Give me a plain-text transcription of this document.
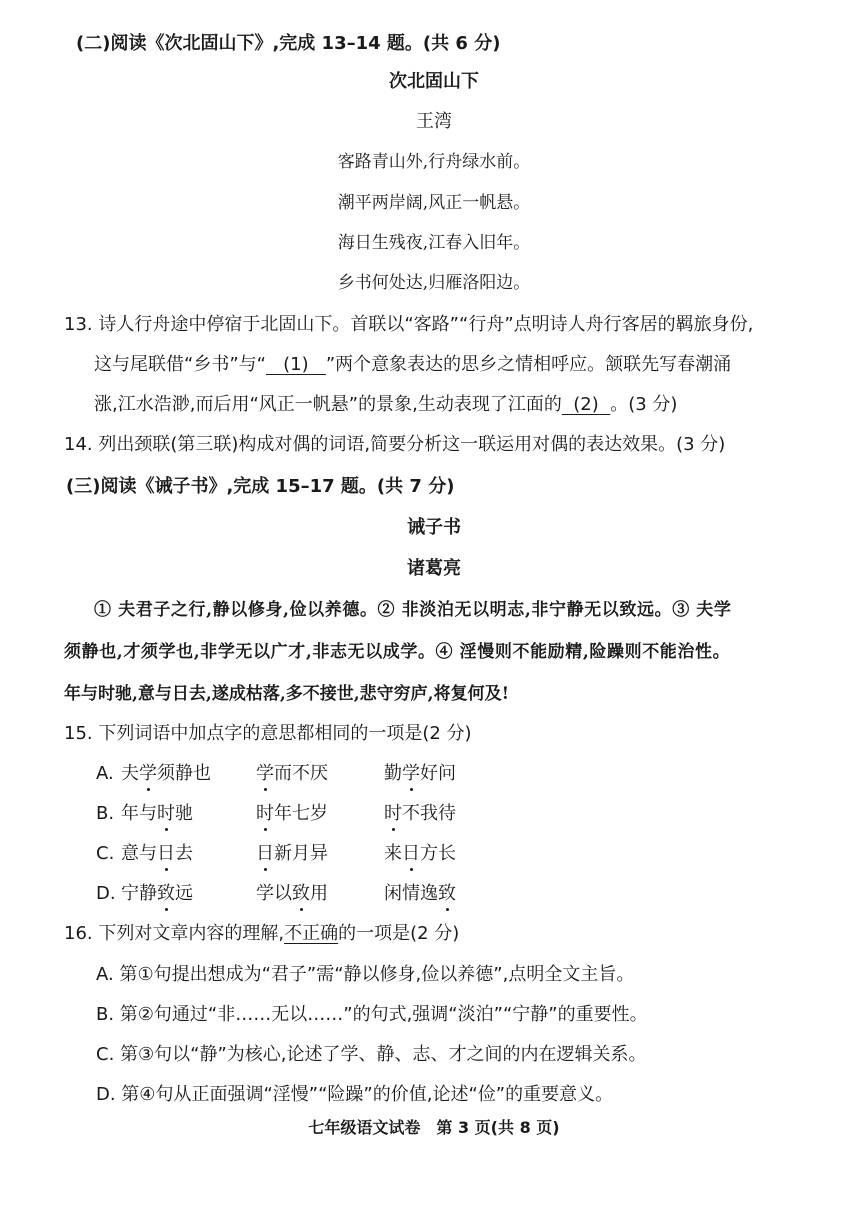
(二)阅读《次北固山下》,完成 13–14 题。(共 6 分)
次北固山下
王湾
客路青山外,行舟绿水前。
潮平两岸阔,风正一帆悬。
海日生残夜,江春入旧年。
乡书何处达,归雁洛阳边。
13. 诗人行舟途中停宿于北固山下。首联以“客路”“行舟”点明诗人舟行客居的羁旅身份,
这与尾联借“乡书”与“ (1) ”两个意象表达的思乡之情相呼应。颔联先写春潮涌
涨,江水浩渺,而后用“风正一帆悬”的景象,生动表现了江面的 (2) 。(3 分)
14. 列出颈联(第三联)构成对偶的词语,简要分析这一联运用对偶的表达效果。(3 分)
(三)阅读《诫子书》,完成 15–17 题。(共 7 分)
诫子书
诸葛亮
① 夫君子之行,静以修身,俭以养德。② 非淡泊无以明志,非宁静无以致远。③ 夫学
须静也,才须学也,非学无以广才,非志无以成学。④ 淫慢则不能励精,险躁则不能治性。
年与时驰,意与日去,遂成枯落,多不接世,悲守穷庐,将复何及!
15. 下列词语中加点字的意思都相同的一项是(2 分)
A. 夫学须静也	学而不厌	勤学好问
B. 年与时驰	时年七岁	时不我待
C. 意与日去	日新月异	来日方长
D. 宁静致远	学以致用	闲情逸致
16. 下列对文章内容的理解,不正确的一项是(2 分)
A. 第①句提出想成为“君子”需“静以修身,俭以养德”,点明全文主旨。
B. 第②句通过“非……无以……”的句式,强调“淡泊”“宁静”的重要性。
C. 第③句以“静”为核心,论述了学、静、志、才之间的内在逻辑关系。
D. 第④句从正面强调“淫慢”“险躁”的价值,论述“俭”的重要意义。
七年级语文试卷　第 3 页(共 8 页)
